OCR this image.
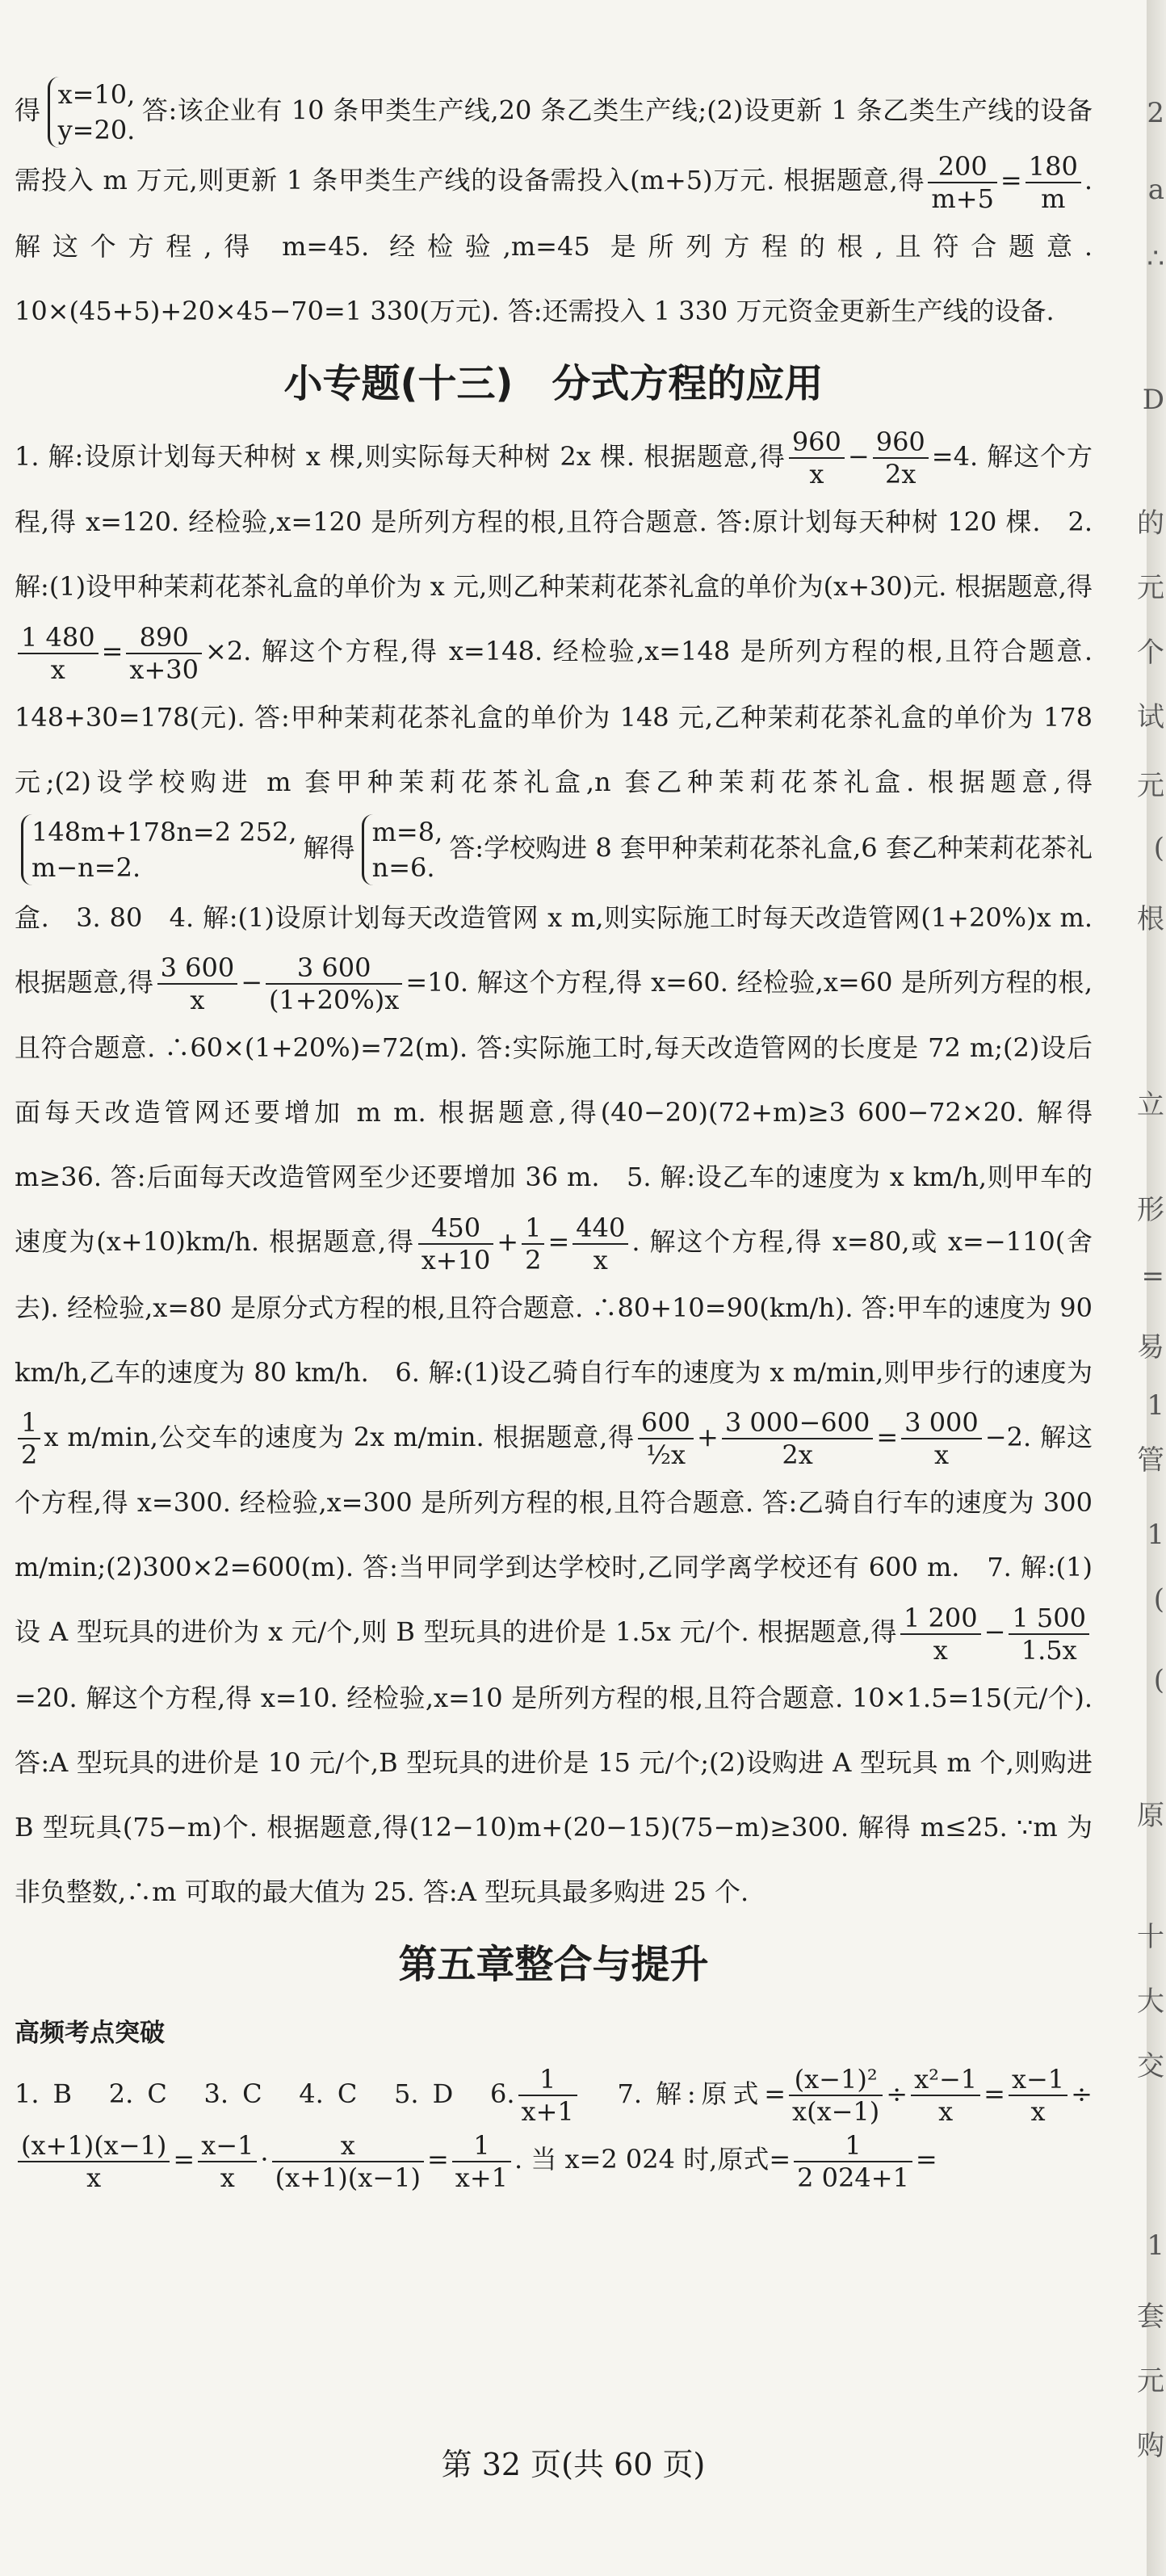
得
x=10,
y=20.
答:该企业有 10 条甲类生产线,20 条乙类生产线;(2)设更新 1 条乙类生产线的设备需投入 m 万元,则更新 1 条甲类生产线的设备需投入(m+5)万元. 根据题意,得 $\frac{200}{m+5} = \frac{180}{m}$ . 解这个方程,得 m=45. 经检验,m=45 是所列方程的根,且符合题意. 10×(45+5)+20×45−70=1 330(万元). 答:还需投入 1 330 万元资金更新生产线的设备.

小专题(十三)　分式方程的应用

1. 解:设原计划每天种树 x 棵,则实际每天种树 2x 棵. 根据题意,得 $\frac{960}{x} - \frac{960}{2x} =4$. 解这个方程,得 x=120. 经检验,x=120 是所列方程的根,且符合题意. 答:原计划每天种树 120 棵.　2. 解:(1)设甲种茉莉花茶礼盒的单价为 x 元,则乙种茉莉花茶礼盒的单价为(x+30)元. 根据题意,得
$\frac{1 480}{x} = \frac{890}{x+30} \times 2$. 解这个方程,得 x=148. 经检验,x=148 是所列方程的根,且符合题意. 148+30=178(元). 答:甲种茉莉花茶礼盒的单价为 148 元,乙种茉莉花茶礼盒的单价为 178 元;(2)设学校购进 m 套甲种茉莉花茶礼盒,n 套乙种茉莉花茶礼盒. 根据题意,得
148m+178n=2 252,
m−n=2.
解得
m=8,
n=6.
答:学校购进 8 套甲种茉莉花茶礼盒,6 套乙种茉莉花茶礼盒.　3. 80　4. 解:(1)设原计划每天改造管网 x m,则实际施工时每天改造管网(1+20%)x m. 根据题意,得 $\frac{3 600}{x} - \frac{3 600}{(1+20\%)x} =10$. 解这个方程,得 x=60. 经检验,x=60 是所列方程的根,且符合题意. ∴60×(1+20%)=72(m). 答:实际施工时,每天改造管网的长度是 72 m;(2)设后面每天改造管网还要增加 m m. 根据题意,得(40−20)(72+m)≥3 600−72×20. 解得 m≥36. 答:后面每天改造管网至少还要增加 36 m.　5. 解:设乙车的速度为 x km/h,则甲车的速度为(x+10)km/h. 根据题意,得 $\frac{450}{x+10} + \frac{1}{2} = \frac{440}{x}$ . 解这个方程,得 x=80,或 x=−110(舍去). 经检验,x=80 是原分式方程的根,且符合题意. ∴80+10=90(km/h). 答:甲车的速度为 90 km/h,乙车的速度为 80 km/h.　6. 解:(1)设乙骑自行车的速度为 x m/min,则甲步行的速度为
$\frac{1}{2}$ x m/min,公交车的速度为 2x m/min. 根据题意,得 $\frac{600}{\text{½x}} + \frac{3 000-600}{2x} = \frac{3 000}{x} -2$. 解这个方程,得 x=300. 经检验,x=300 是所列方程的根,且符合题意. 答:乙骑自行车的速度为 300 m/min;(2)300×2=600(m). 答:当甲同学到达学校时,乙同学离学校还有 600 m.　7. 解:(1)设 A 型玩具的进价为 x 元/个,则 B 型玩具的进价是 1.5x 元/个. 根据题意,得 $\frac{1 200}{x} - \frac{1 500}{1.5x}$
=20. 解这个方程,得 x=10. 经检验,x=10 是所列方程的根,且符合题意. 10×1.5=15(元/个). 答:A 型玩具的进价是 10 元/个,B 型玩具的进价是 15 元/个;(2)设购进 A 型玩具 m 个,则购进 B 型玩具(75−m)个. 根据题意,得(12−10)m+(20−15)(75−m)≥300. 解得 m≤25. ∵m 为非负整数,∴m 可取的最大值为 25. 答:A 型玩具最多购进 25 个.

第五章整合与提升

高频考点突破

1. B　2. C　3. C　4. C　5. D　6. $\frac{1}{x+1}$
　 7. 解:原式= $\frac{\text{(x−1)²}}{x(x-1)} \div \frac{\text{x²−1}}{x} = \frac{x-1}{x}$ ÷
$\frac{(x+1)(x-1)}{x} = \frac{x-1}{x} \cdot \frac{x}{(x+1)(x-1)} = \frac{1}{x+1}$ . 当 x=2 024 时,原式= $\frac{1}{2 024+1}$ =

第 32 页(共 60 页)
2
a
∴
D
的
元
个
试
元
(
根
立
形
=
易
1
管
1
(
(
原
十
大
交
1
套
元
购
